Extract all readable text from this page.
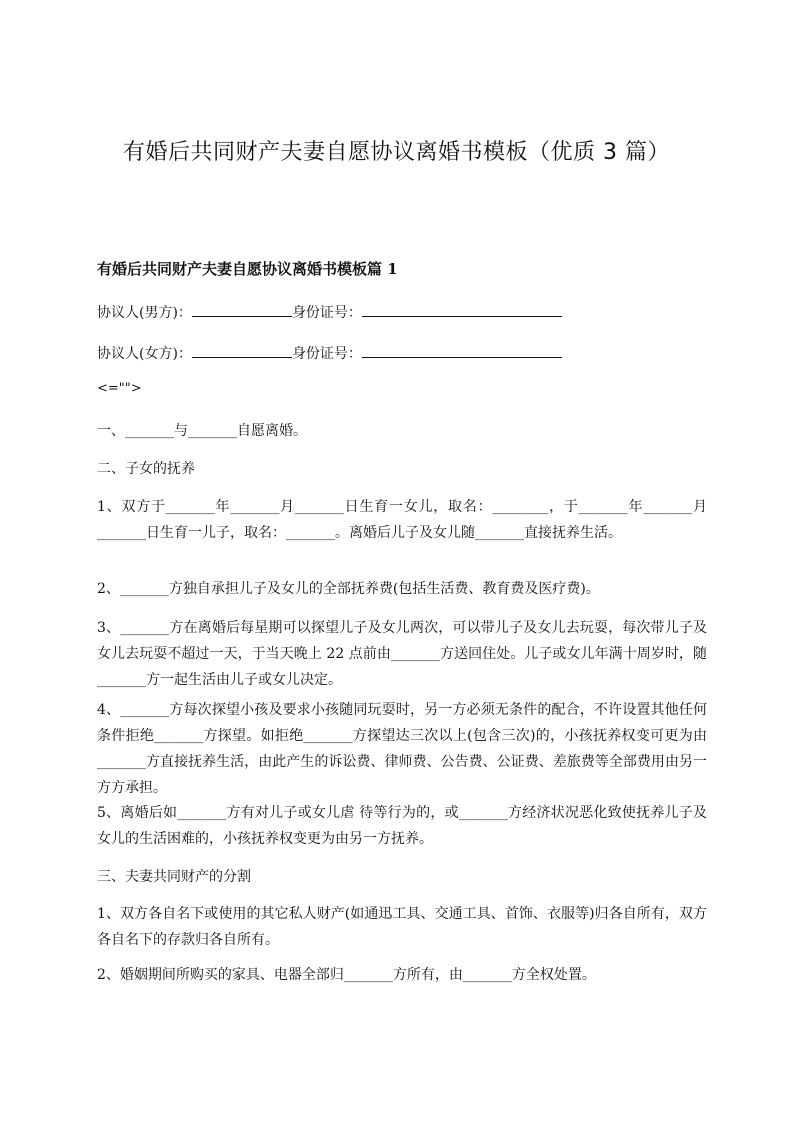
有婚后共同财产夫妻自愿协议离婚书模板（优质 3 篇）
有婚后共同财产夫妻自愿协议离婚书模板篇 1
协议人(男方)：	身份证号：
协议人(女方)：	身份证号：
<="">
一、_______与_______自愿离婚。
二、子女的抚养
1、双方于_______年_______月_______日生育一女儿，取名：________，于_______年_______月_______日生育一儿子，取名：_______。离婚后儿子及女儿随_______直接抚养生活。
2、_______方独自承担儿子及女儿的全部抚养费(包括生活费、教育费及医疗费)。
3、_______方在离婚后每星期可以探望儿子及女儿两次，可以带儿子及女儿去玩耍，每次带儿子及女儿去玩耍不超过一天，于当天晚上 22 点前由_______方送回住处。儿子或女儿年满十周岁时，随_______方一起生活由儿子或女儿决定。
4、_______方每次探望小孩及要求小孩随同玩耍时，另一方必须无条件的配合，不许设置其他任何条件拒绝_______方探望。如拒绝_______方探望达三次以上(包含三次)的，小孩抚养权变可更为由_______方直接抚养生活，由此产生的诉讼费、律师费、公告费、公证费、差旅费等全部费用由另一方方承担。
5、离婚后如_______方有对儿子或女儿虐 待等行为的，或_______方经济状况恶化致使抚养儿子及女儿的生活困难的，小孩抚养权变更为由另一方抚养。
三、夫妻共同财产的分割
1、双方各自名下或使用的其它私人财产(如通迅工具、交通工具、首饰、衣服等)归各自所有，双方各自名下的存款归各自所有。
2、婚姻期间所购买的家具、电器全部归_______方所有，由_______方全权处置。
